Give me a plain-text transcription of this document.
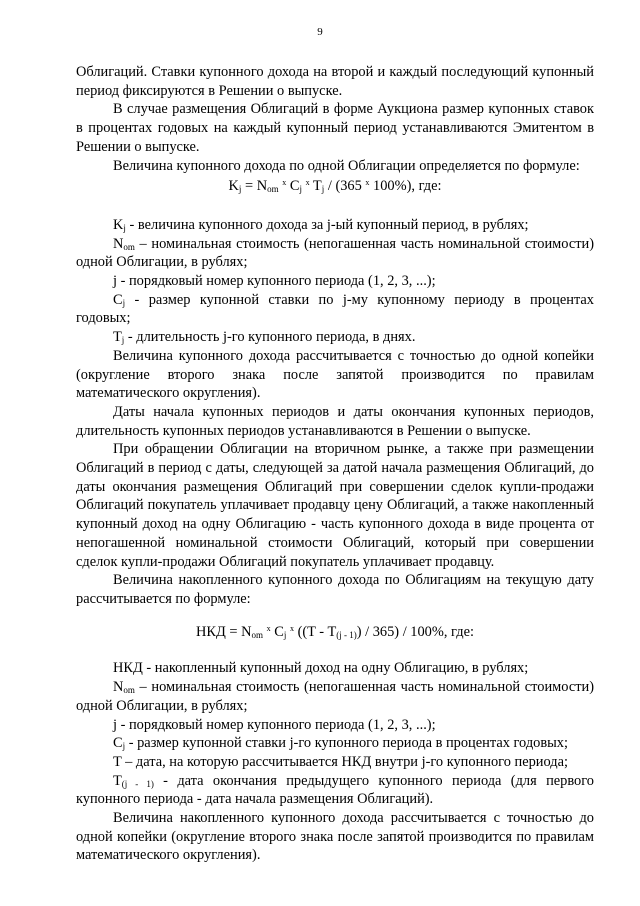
9

Облигаций. Ставки купонного дохода на второй и каждый последующий купонный период фиксируются в Решении о выпуске.

В случае размещения Облигаций в форме Аукциона размер купонных ставок в процентах годовых на каждый купонный период устанавливаются Эмитентом в Решении о выпуске.

Величина купонного дохода по одной Облигации определяется по формуле:

$K_j = N_{om}$ $^x$ $C_j$ $^x$ $T_j / (365$ $^x$ 100%), где:

$K_j$ - величина купонного дохода за j-ый купонный период, в рублях;

$N_{om}$ – номинальная стоимость (непогашенная часть номинальной стоимости) одной Облигации, в рублях;

j - порядковый номер купонного периода (1, 2, 3, ...);

$C_j$ - размер купонной ставки по j-му купонному периоду в процентах годовых;

$T_j$ - длительность j-го купонного периода, в днях.

Величина купонного дохода рассчитывается с точностью до одной копейки (округление второго знака после запятой производится по правилам математического округления).

Даты начала купонных периодов и даты окончания купонных периодов, длительность купонных периодов устанавливаются в Решении о выпуске.

При обращении Облигации на вторичном рынке, а также при размещении Облигаций в период с даты, следующей за датой начала размещения Облигаций, до даты окончания размещения Облигаций при совершении сделок купли-продажи Облигаций покупатель уплачивает продавцу цену Облигаций, а также накопленный купонный доход на одну Облигацию - часть купонного дохода в виде процента от непогашенной номинальной стоимости Облигаций, который при совершении сделок купли-продажи Облигаций покупатель уплачивает продавцу.

Величина накопленного купонного дохода по Облигациям на текущую дату рассчитывается по формуле:

НКД = $N_{om}$ $^x$ $C_j$ $^x$ $((T - T_{(j - 1)}) / 365) / 100\%$, где:

НКД - накопленный купонный доход на одну Облигацию, в рублях;

$N_{om}$ – номинальная стоимость (непогашенная часть номинальной стоимости) одной Облигации, в рублях;

j - порядковый номер купонного периода (1, 2, 3, ...);

$C_j$ - размер купонной ставки j-го купонного периода в процентах годовых;

T – дата, на которую рассчитывается НКД внутри j-го купонного периода;

$T_{(j - 1)}$ - дата окончания предыдущего купонного периода (для первого купонного периода - дата начала размещения Облигаций).

Величина накопленного купонного дохода рассчитывается с точностью до одной копейки (округление второго знака после запятой производится по правилам математического округления).
